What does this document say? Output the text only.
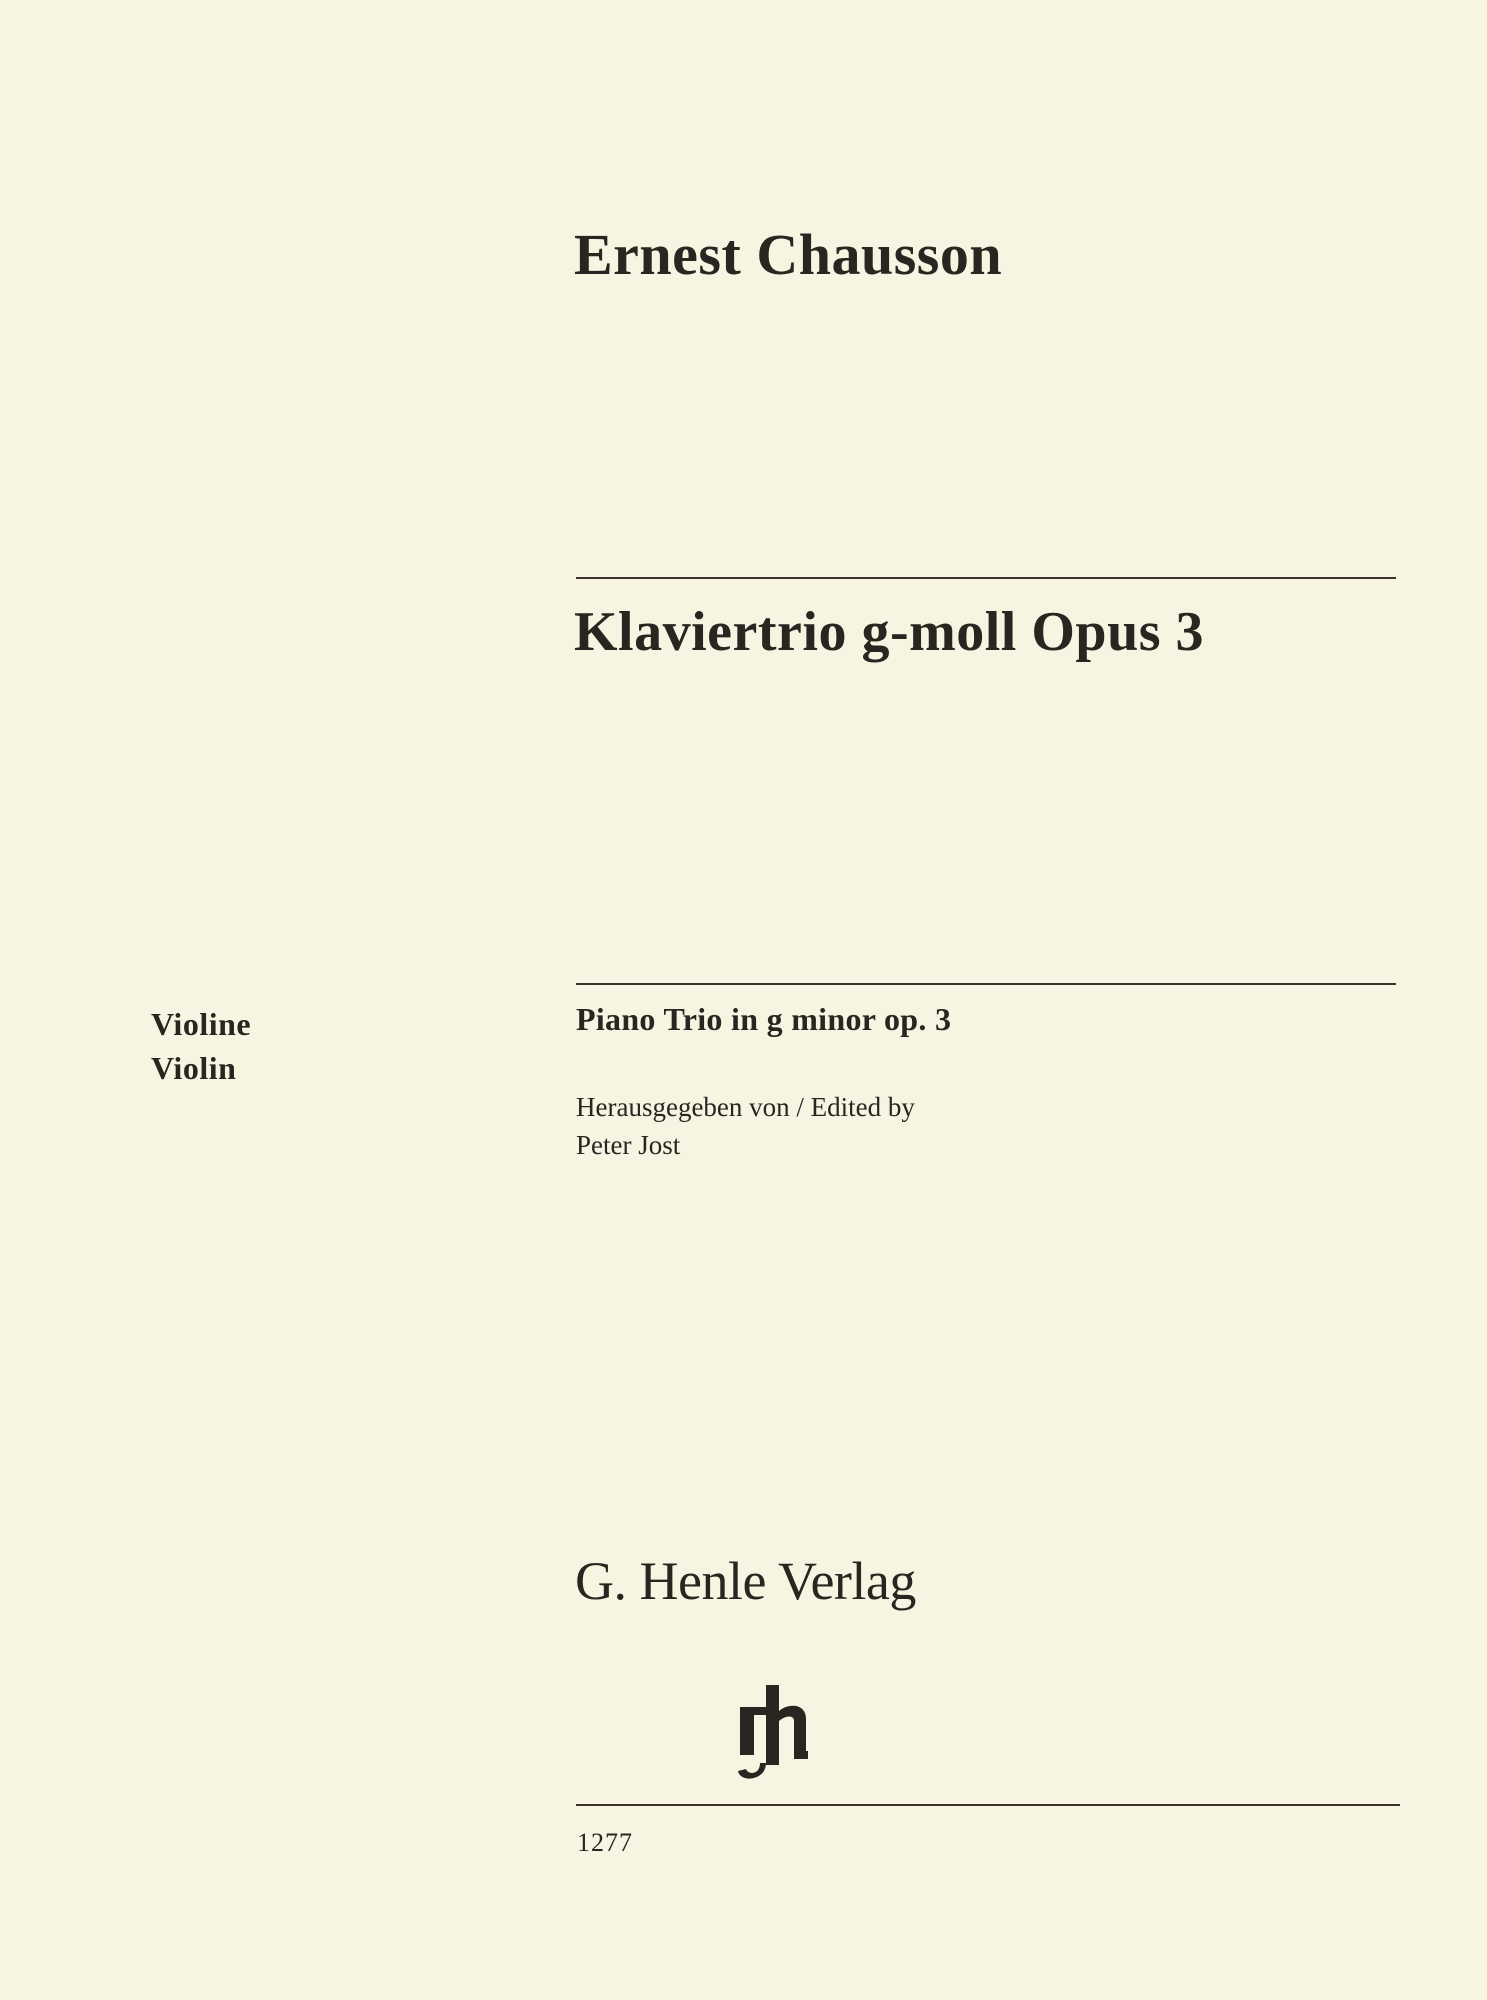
Ernest Chausson
Klaviertrio g-moll Opus 3
Violine
Violin
Piano Trio in g minor op. 3
Herausgegeben von / Edited by
Peter Jost
G. Henle Verlag
1277
